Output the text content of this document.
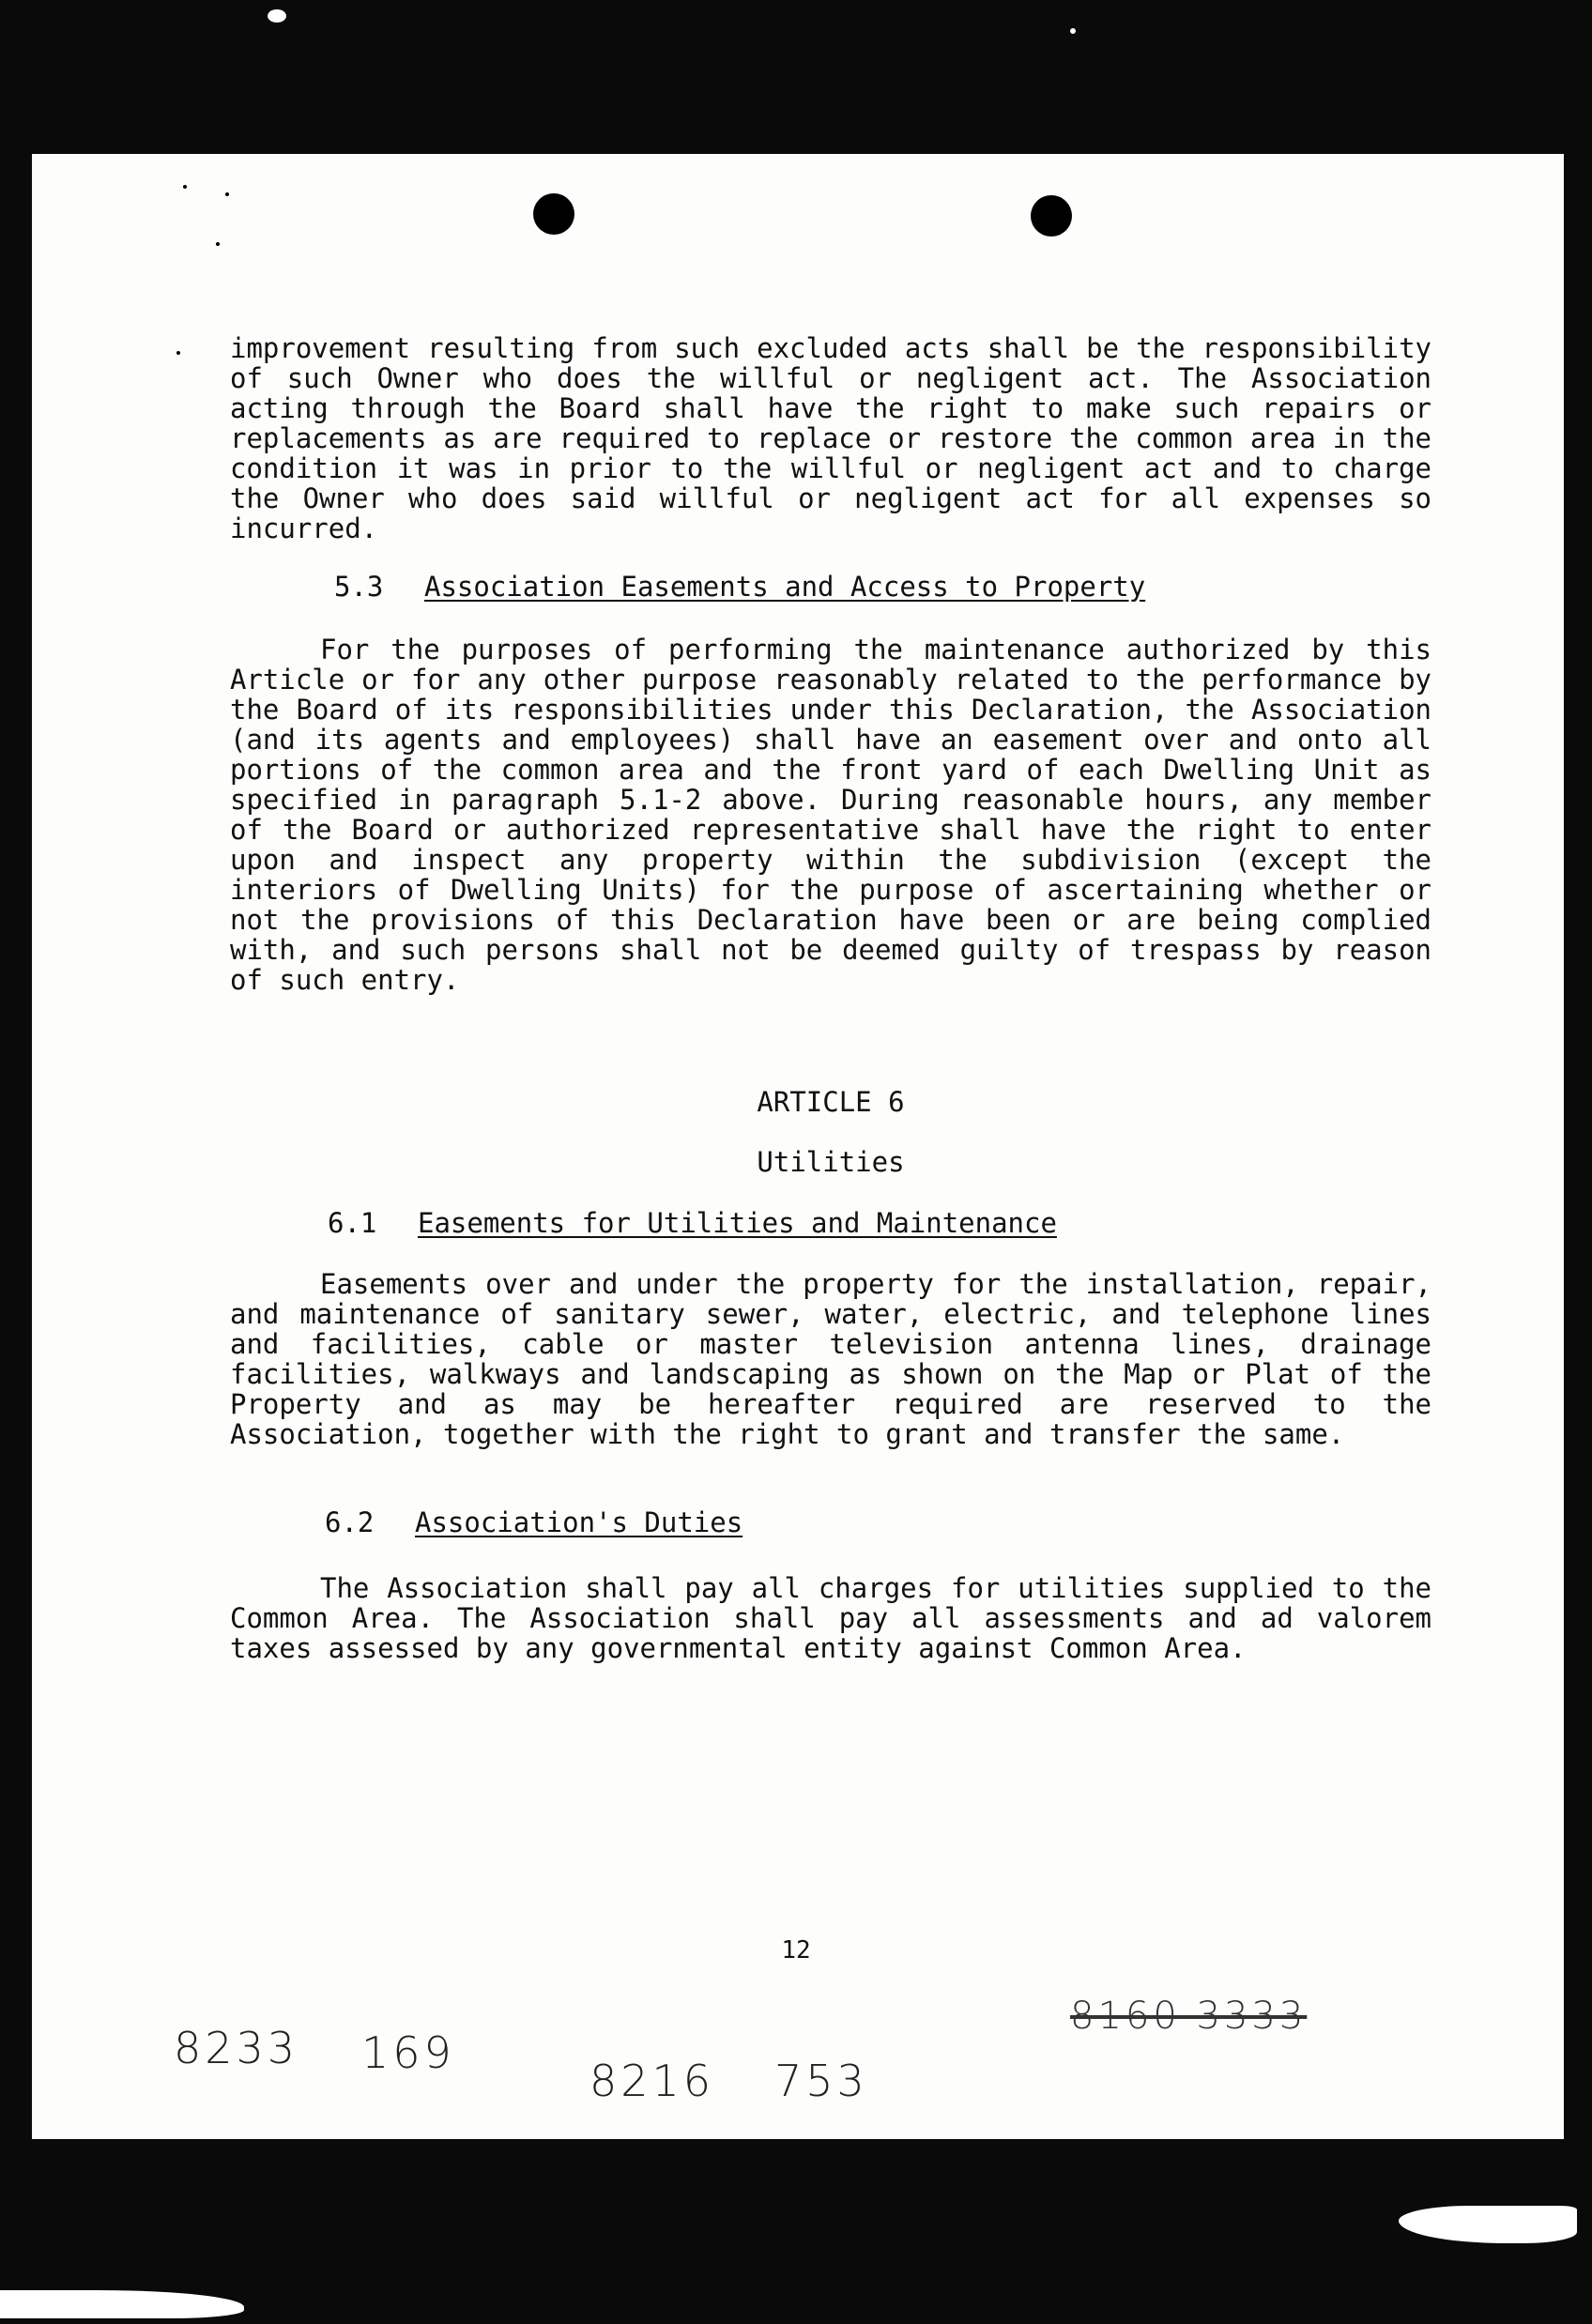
improvement resulting from such excluded acts shall be the responsibility of such Owner who does the willful or negligent act. The Association acting through the Board shall have the right to make such repairs or replacements as are required to replace or restore the common area in the condition it was in prior to the willful or negligent act and to charge the Owner who does said willful or negligent act for all expenses so incurred.
5.3 Association Easements and Access to Property
For the purposes of performing the maintenance authorized by this Article or for any other purpose reasonably related to the performance by the Board of its responsibilities under this Declaration, the Association (and its agents and employees) shall have an easement over and onto all portions of the common area and the front yard of each Dwelling Unit as specified in paragraph 5.1-2 above. During reasonable hours, any member of the Board or authorized representative shall have the right to enter upon and inspect any property within the subdivision (except the interiors of Dwelling Units) for the purpose of ascertaining whether or not the provisions of this Declaration have been or are being complied with, and such persons shall not be deemed guilty of trespass by reason of such entry.
ARTICLE 6
Utilities
6.1 Easements for Utilities and Maintenance
Easements over and under the property for the installation, repair, and maintenance of sanitary sewer, water, electric, and telephone lines and facilities, cable or master television antenna lines, drainage facilities, walkways and landscaping as shown on the Map or Plat of the Property and as may be hereafter required are reserved to the Association, together with the right to grant and transfer the same.
6.2 Association's Duties
The Association shall pay all charges for utilities supplied to the Common Area. The Association shall pay all assessments and ad valorem taxes assessed by any governmental entity against Common Area.
12
8233 169
8216 753
8160 3333
